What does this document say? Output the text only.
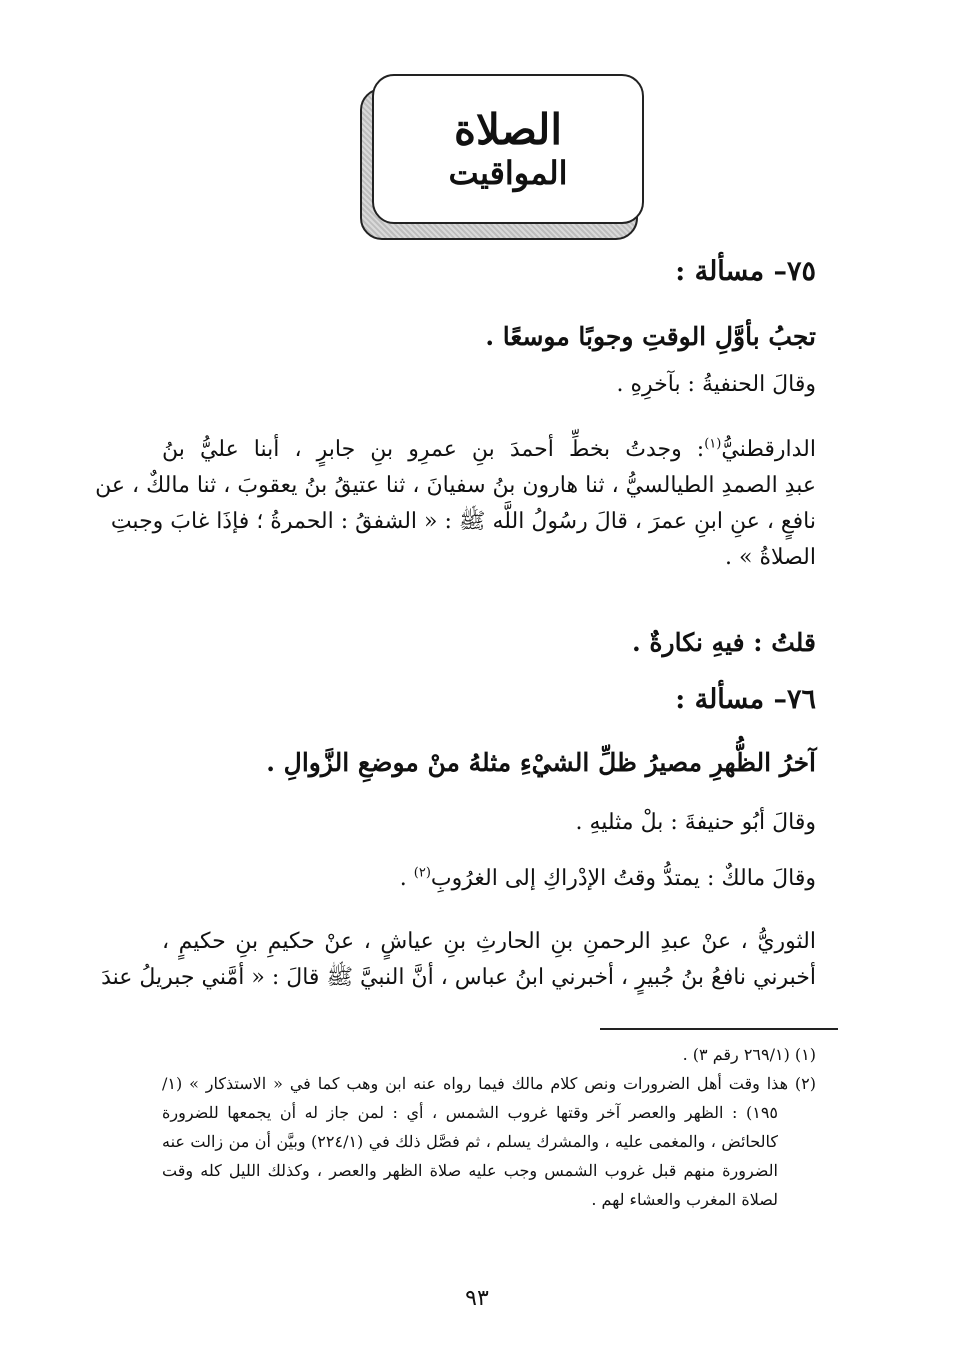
الصلاة
المواقيت
٧٥– مسألة :
تجبُ بأوَّلِ الوقتِ وجوبًا موسعًا .
وقالَ الحنفيةُ : بآخرِهِ .
الدارقطنيُّ$^{(١)}$: وجدتُ بخطِّ أحمدَ بنِ عمرِو بنِ جابرٍ ، أبنا عليُّ بنُ
عبدِ الصمدِ الطيالسيُّ ، ثنا هارون بنُ سفيانَ ، ثنا عتيقُ بنُ يعقوبَ ، ثنا مالكٌ ، عن
نافعٍ ، عنِ ابنِ عمرَ ، قالَ رسُولُ اللَّه ﷺ : « الشفقُ : الحمرةُ ؛ فإذَا غابَ وجبتِ
الصلاةُ » .
قلتُ : فيهِ نكارةٌ .
٧٦– مسألة :
آخرُ الظُّهرِ مصيرُ ظلِّ الشيْءِ مثلهُ منْ موضعِ الزَّوالِ .
وقالَ أبُو حنيفةَ : بلْ مثليهِ .
وقالَ مالكٌ : يمتدُّ وقتُ الإدْراكِ إلى الغرُوبِ$^{(٢)}$ .
الثوريُّ ، عنْ عبدِ الرحمنِ بنِ الحارثِ بنِ عياشٍ ، عنْ حكيمِ بنِ حكيمٍ ،
أخبرني نافعُ بنُ جُبيرٍ ، أخبرني ابنُ عباس ، أنَّ النبيَّ ﷺ قالَ : « أمَّني جبريلُ عندَ
(١) (٢٦٩/١ رقم ٣) .
(٢) هذا وقت أهل الضرورات ونص كلام مالك فيما رواه عنه ابن وهب كما في « الاستذكار » (١/
١٩٥) : الظهر والعصر آخر وقتها غروب الشمس ، أي : لمن جاز له أن يجمعها للضرورة
كالحائض ، والمغمى عليه ، والمشرك يسلم ، ثم فصَّل ذلك في (٢٢٤/١) وبيَّن أن من زالت عنه
الضرورة منهم قبل غروب الشمس وجب عليه صلاة الظهر والعصر ، وكذلك الليل كله وقت
لصلاة المغرب والعشاء لهم .
٩٣
